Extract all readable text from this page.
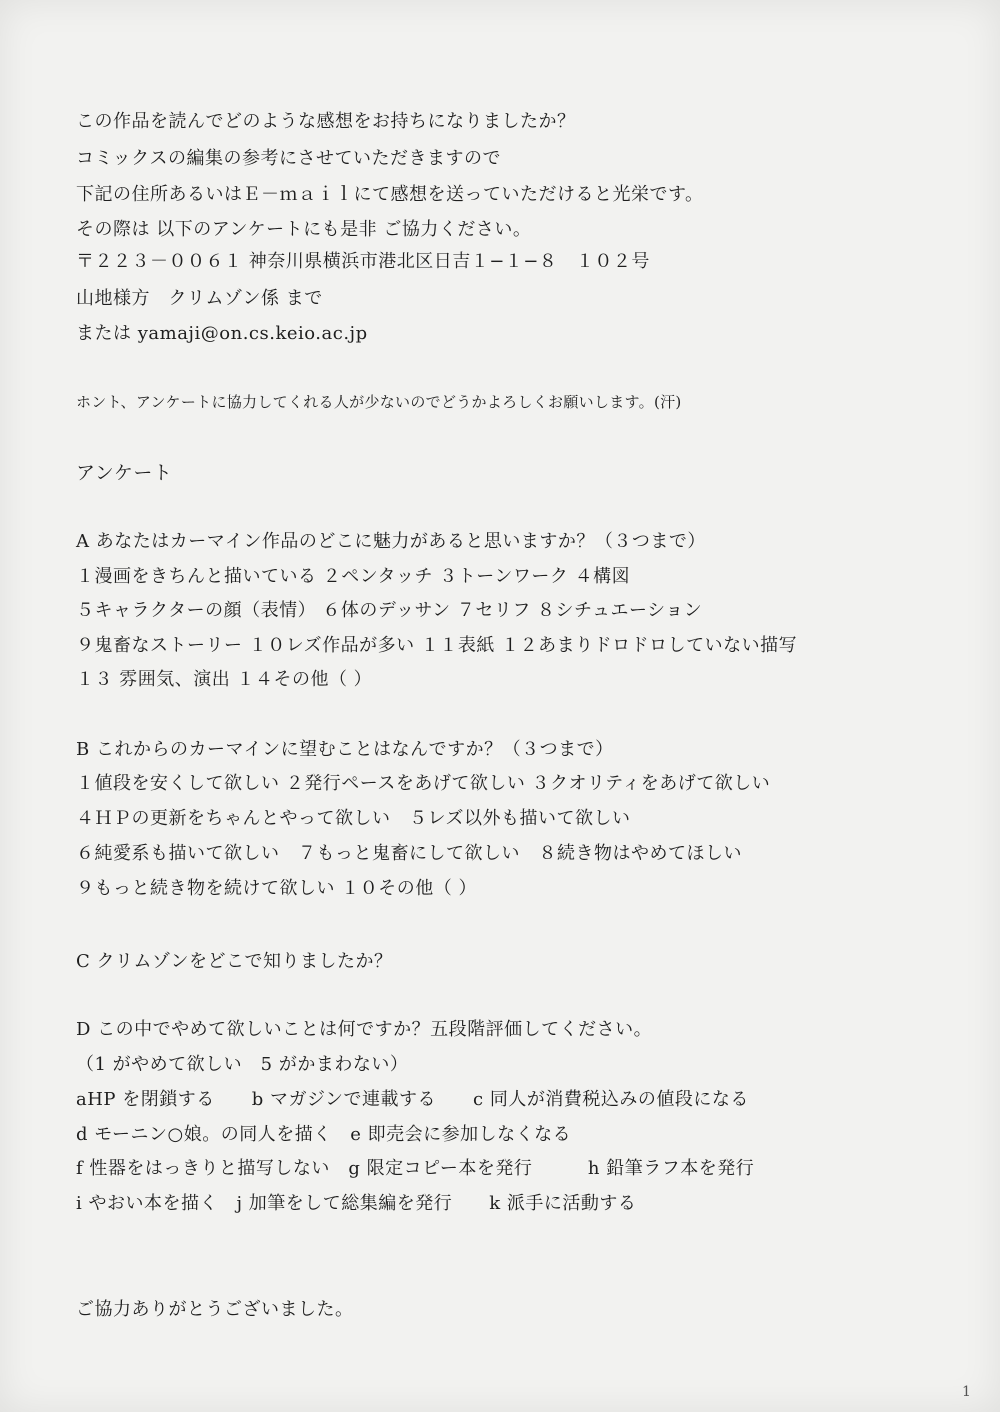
この作品を読んでどのような感想をお持ちになりましたか？
コミックスの編集の参考にさせていただきますので
下記の住所あるいはＥ－ｍａｉｌにて感想を送っていただけると光栄です。
その際は 以下のアンケートにも是非 ご協力ください。
〒２２３－００６１ 神奈川県横浜市港北区日吉１−１−８　１０２号
山地様方　クリムゾン係 まで
または yamaji@on.cs.keio.ac.jp
ホント、アンケートに協力してくれる人が少ないのでどうかよろしくお願いします。(汗)
アンケート
A あなたはカーマイン作品のどこに魅力があると思いますか？（３つまで）
１漫画をきちんと描いている ２ペンタッチ ３トーンワーク ４構図
５キャラクターの顔（表情） ６体のデッサン ７セリフ ８シチュエーション
９鬼畜なストーリー １０レズ作品が多い １１表紙 １２あまりドロドロしていない描写
１３ 雰囲気、演出 １４その他（ ）
B これからのカーマインに望むことはなんですか？（３つまで）
１値段を安くして欲しい ２発行ペースをあげて欲しい ３クオリティをあげて欲しい
４ＨＰの更新をちゃんとやって欲しい　５レズ以外も描いて欲しい
６純愛系も描いて欲しい　７もっと鬼畜にして欲しい　８続き物はやめてほしい
９もっと続き物を続けて欲しい １０その他（ ）
C クリムゾンをどこで知りましたか？
D この中でやめて欲しいことは何ですか？五段階評価してください。
（1 がやめて欲しい　5 がかまわない）
aHP を閉鎖する　　b マガジンで連載する　　c 同人が消費税込みの値段になる
d モーニン○娘。の同人を描く　e 即売会に参加しなくなる
f 性器をはっきりと描写しない　g 限定コピー本を発行　　　h 鉛筆ラフ本を発行
i やおい本を描く　j 加筆をして総集編を発行　　k 派手に活動する
ご協力ありがとうございました。
1
